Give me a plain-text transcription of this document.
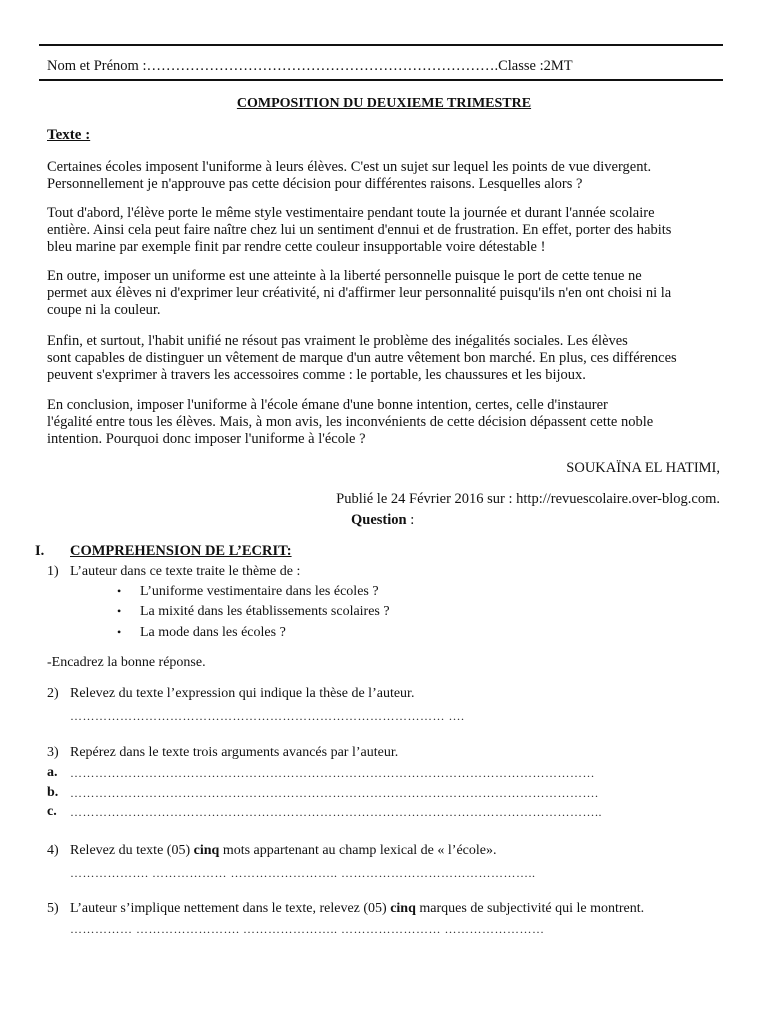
Nom et Prénom :……………………………………………………………….Classe :2MT
COMPOSITION DU DEUXIEME TRIMESTRE
Texte :
Certaines écoles imposent l'uniforme à leurs élèves. C'est un sujet sur lequel les points de vue divergent.
Personnellement je n'approuve pas cette décision pour différentes raisons. Lesquelles alors ?
Tout d'abord, l'élève porte le même style vestimentaire pendant toute la journée et durant l'année scolaire
entière. Ainsi cela peut faire naître chez lui un sentiment d'ennui et de frustration. En effet, porter des habits
bleu marine par exemple finit par rendre cette couleur insupportable voire détestable !
En outre, imposer un uniforme est une atteinte à la liberté personnelle puisque le port de cette tenue ne
permet aux élèves ni d'exprimer leur créativité, ni d'affirmer leur personnalité puisqu'ils n'en ont choisi ni la
coupe ni la couleur.
Enfin, et surtout, l'habit unifié ne résout pas vraiment le problème des inégalités sociales. Les élèves
sont capables de distinguer un vêtement de marque d'un autre vêtement bon marché. En plus, ces différences
peuvent s'exprimer à travers les accessoires comme : le portable, les chaussures et les bijoux.
En conclusion, imposer l'uniforme à l'école émane d'une bonne intention, certes, celle d'instaurer
l'égalité entre tous les élèves. Mais, à mon avis, les inconvénients de cette décision dépassent cette noble
intention. Pourquoi donc imposer l'uniforme à l'école ?
SOUKAÏNA EL HATIMI,
Publié le 24 Février 2016 sur : http://revuescolaire.over-blog.com.
Question :
I. COMPREHENSION DE L’ECRIT:
1) L’auteur dans ce texte traite le thème de :
• L’uniforme vestimentaire dans les écoles ?
• La mixité dans les établissements scolaires ?
• La mode dans les écoles ?
-Encadrez la bonne réponse.
2) Relevez du texte l’expression qui indique la thèse de l’auteur.
……………………………………………………………………………… ….
3) Repérez dans le texte trois arguments avancés par l’auteur.
a. ………………………………………………………………………………………………………………
b. ……………………………………………………………………………………………………………….
c. ………………………………………………………………………………………………………………..
4) Relevez du texte (05) cinq mots appartenant au champ lexical de « l’école».
………………. ……………… …………………….. ………………………………………..
5) L’auteur s’implique nettement dans le texte, relevez (05) cinq marques de subjectivité qui le montrent.
…………… ……………………. ………………….. …………………… ……………………
